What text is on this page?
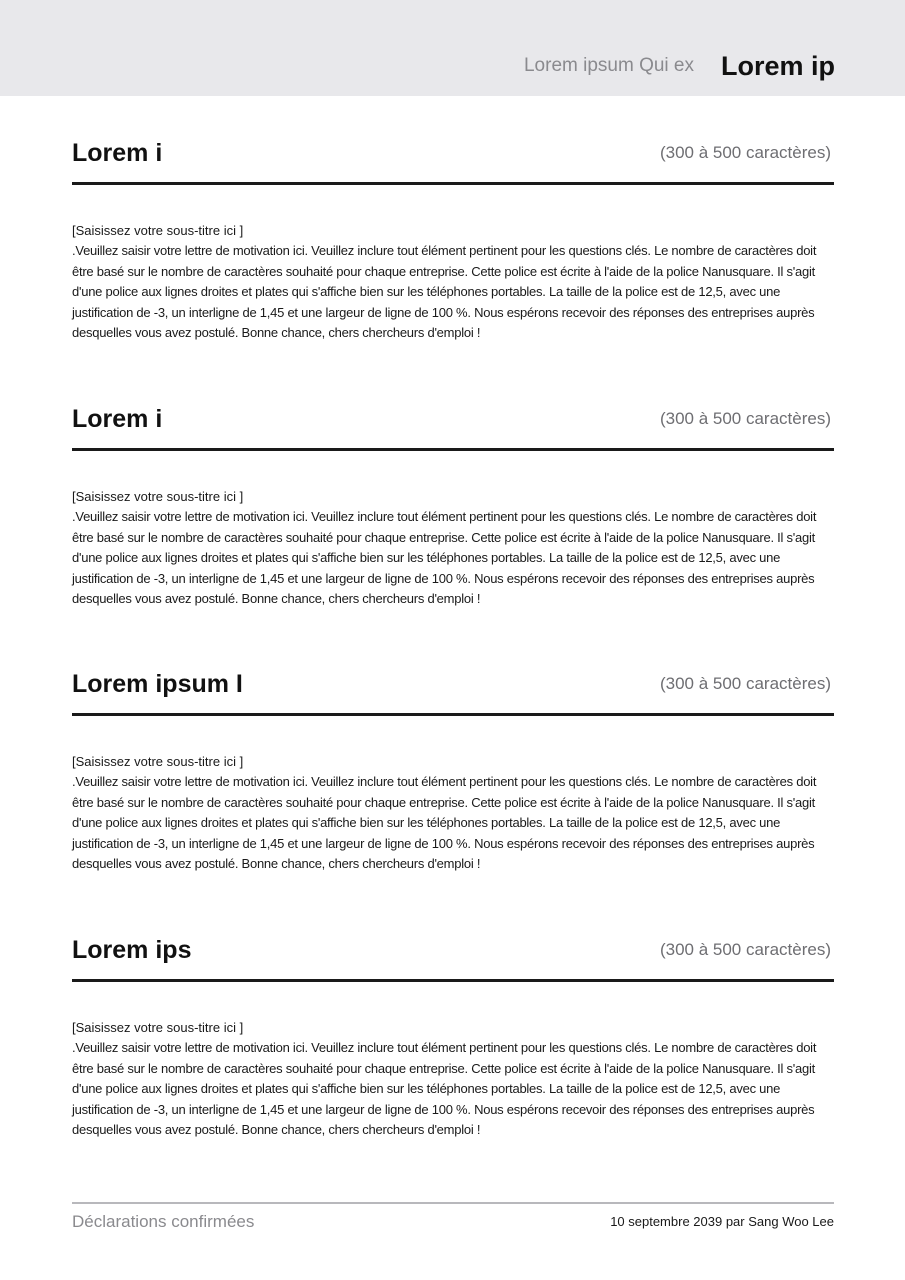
Lorem ipsum Qui ex Lorem ip
Lorem i	(300 à 500 caractères)
[Saisissez votre sous-titre ici ]
.Veuillez saisir votre lettre de motivation ici. Veuillez inclure tout élément pertinent pour les questions clés. Le nombre de caractères doit être basé sur le nombre de caractères souhaité pour chaque entreprise. Cette police est écrite à l'aide de la police Nanusquare. Il s'agit d'une police aux lignes droites et plates qui s'affiche bien sur les téléphones portables. La taille de la police est de 12,5, avec une justification de -3, un interligne de 1,45 et une largeur de ligne de 100 %. Nous espérons recevoir des réponses des entreprises auprès desquelles vous avez postulé. Bonne chance, chers chercheurs d'emploi !
Lorem i	(300 à 500 caractères)
[Saisissez votre sous-titre ici ]
.Veuillez saisir votre lettre de motivation ici. Veuillez inclure tout élément pertinent pour les questions clés. Le nombre de caractères doit être basé sur le nombre de caractères souhaité pour chaque entreprise. Cette police est écrite à l'aide de la police Nanusquare. Il s'agit d'une police aux lignes droites et plates qui s'affiche bien sur les téléphones portables. La taille de la police est de 12,5, avec une justification de -3, un interligne de 1,45 et une largeur de ligne de 100 %. Nous espérons recevoir des réponses des entreprises auprès desquelles vous avez postulé. Bonne chance, chers chercheurs d'emploi !
Lorem ipsum I	(300 à 500 caractères)
[Saisissez votre sous-titre ici ]
.Veuillez saisir votre lettre de motivation ici. Veuillez inclure tout élément pertinent pour les questions clés. Le nombre de caractères doit être basé sur le nombre de caractères souhaité pour chaque entreprise. Cette police est écrite à l'aide de la police Nanusquare. Il s'agit d'une police aux lignes droites et plates qui s'affiche bien sur les téléphones portables. La taille de la police est de 12,5, avec une justification de -3, un interligne de 1,45 et une largeur de ligne de 100 %. Nous espérons recevoir des réponses des entreprises auprès desquelles vous avez postulé. Bonne chance, chers chercheurs d'emploi !
Lorem ips	(300 à 500 caractères)
[Saisissez votre sous-titre ici ]
.Veuillez saisir votre lettre de motivation ici. Veuillez inclure tout élément pertinent pour les questions clés. Le nombre de caractères doit être basé sur le nombre de caractères souhaité pour chaque entreprise. Cette police est écrite à l'aide de la police Nanusquare. Il s'agit d'une police aux lignes droites et plates qui s'affiche bien sur les téléphones portables. La taille de la police est de 12,5, avec une justification de -3, un interligne de 1,45 et une largeur de ligne de 100 %. Nous espérons recevoir des réponses des entreprises auprès desquelles vous avez postulé. Bonne chance, chers chercheurs d'emploi !
Déclarations confirmées	10 septembre 2039 par Sang Woo Lee
